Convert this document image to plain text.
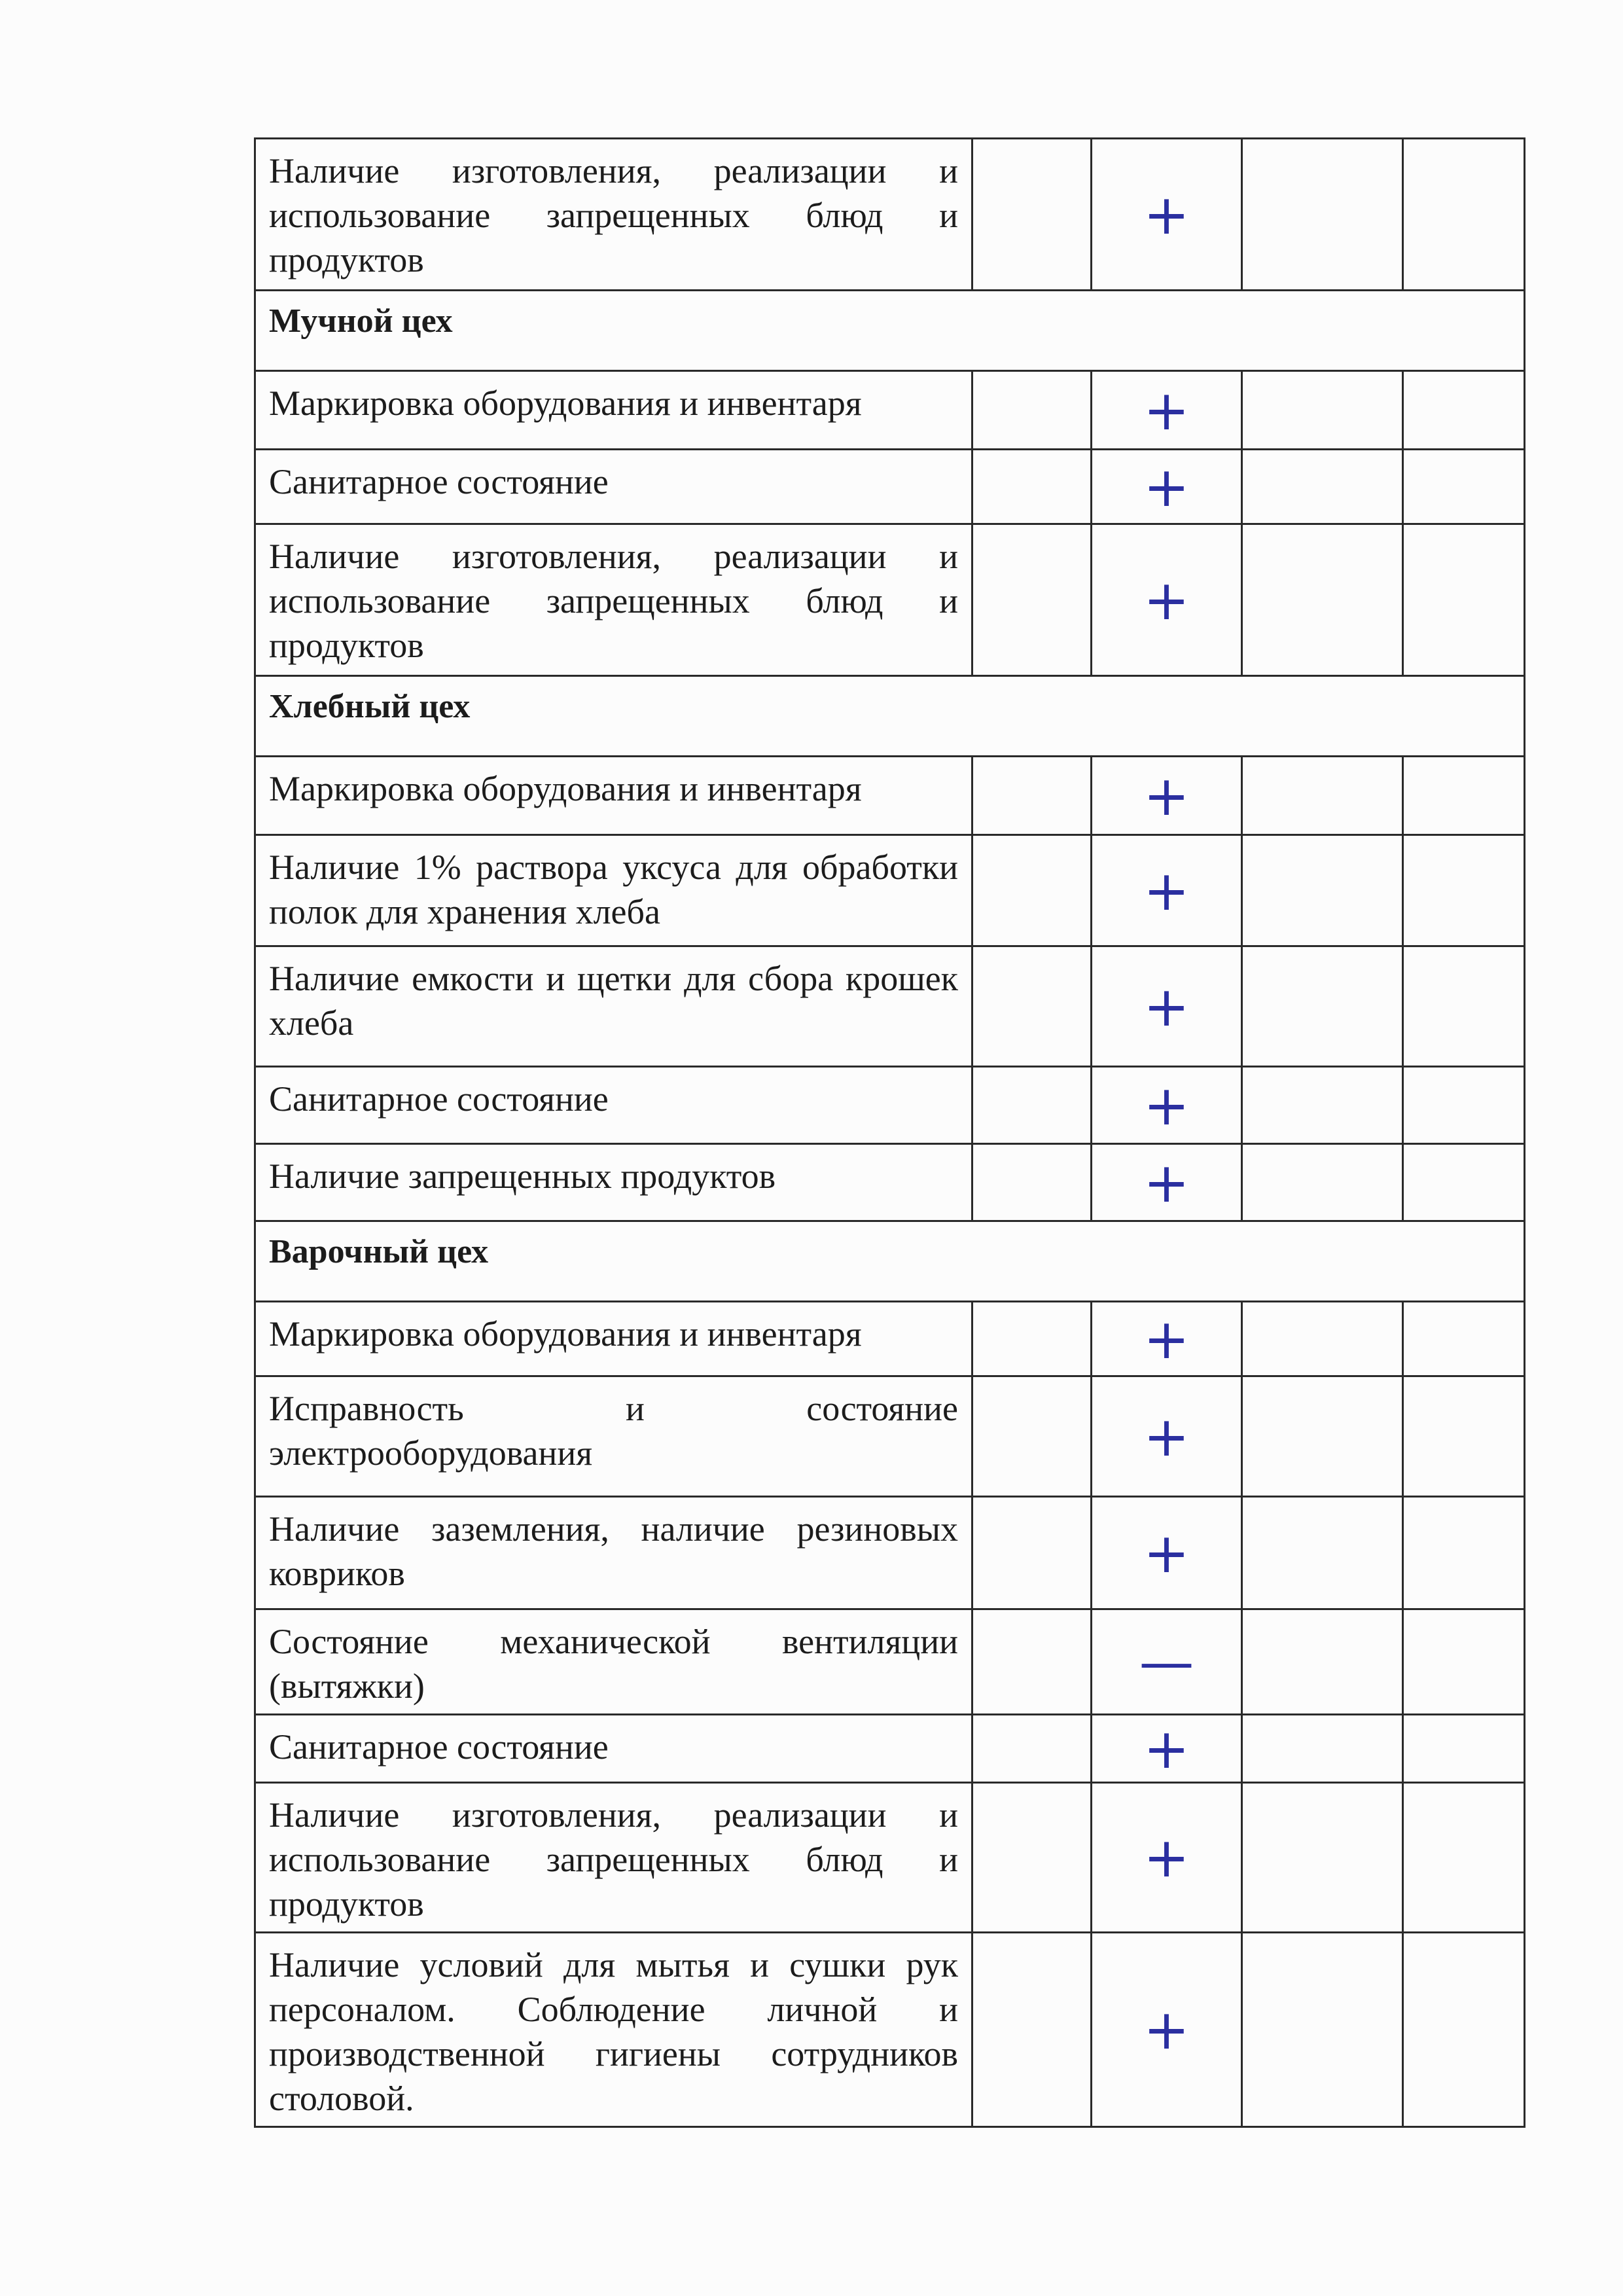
Наличие изготовления, реализации и использование запрещенных блюд и продуктов		+		
Мучной цех				
Маркировка оборудования и инвентаря		+		
Санитарное состояние		+		
Наличие изготовления, реализации и использование запрещенных блюд и продуктов		+		
Хлебный цех				
Маркировка оборудования и инвентаря		+		
Наличие 1% раствора уксуса для обработки полок для хранения хлеба		+		
Наличие емкости и щетки для сбора крошек хлеба		+		
Санитарное состояние		+		
Наличие запрещенных продуктов		+		
Варочный цех				
Маркировка оборудования и инвентаря		+		
Исправность и состояние электрооборудования		+		
Наличие заземления, наличие резиновых ковриков		+		
Состояние механической вентиляции (вытяжки)		—		
Санитарное состояние		+		
Наличие изготовления, реализации и использование запрещенных блюд и продуктов		+		
Наличие условий для мытья и сушки рук персоналом. Соблюдение личной и производственной гигиены сотрудников столовой.		+		
